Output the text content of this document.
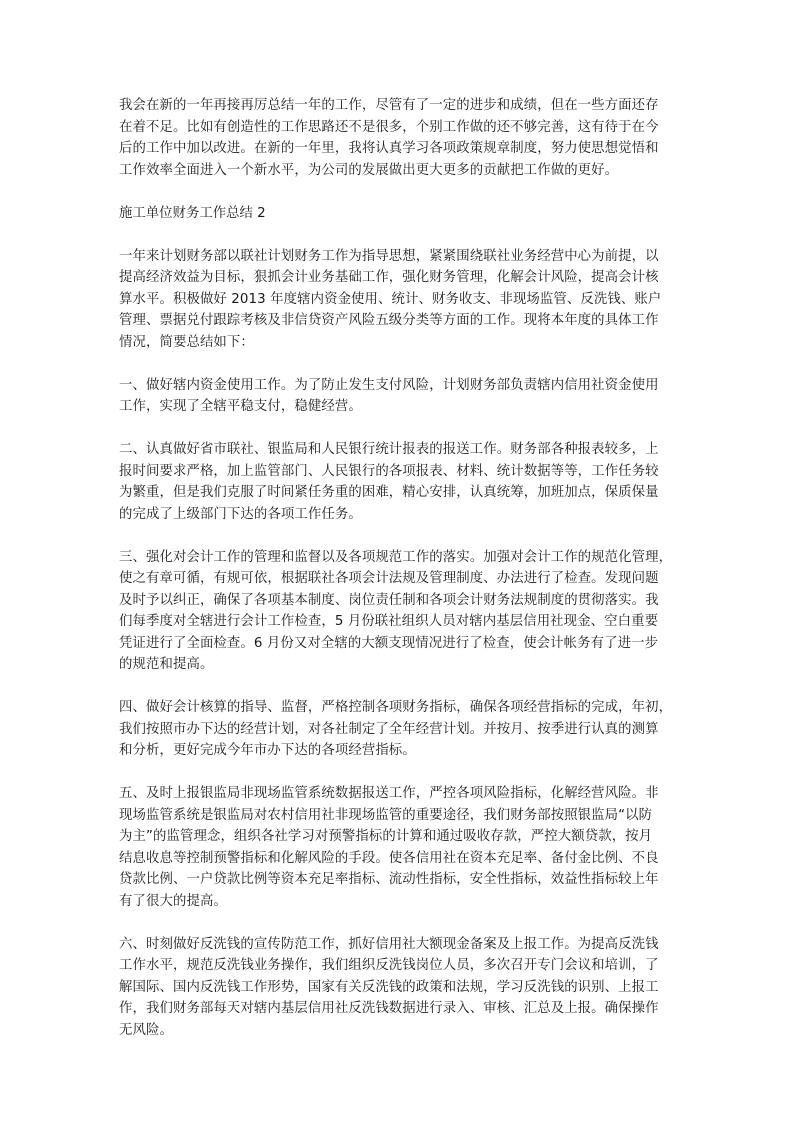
我会在新的一年再接再厉总结一年的工作，尽管有了一定的进步和成绩，但在一些方面还存
在着不足。比如有创造性的工作思路还不是很多，个别工作做的还不够完善，这有待于在今
后的工作中加以改进。在新的一年里，我将认真学习各项政策规章制度，努力使思想觉悟和
工作效率全面进入一个新水平，为公司的发展做出更大更多的贡献把工作做的更好。

施工单位财务工作总结 2

一年来计划财务部以联社计划财务工作为指导思想，紧紧围绕联社业务经营中心为前提，以
提高经济效益为目标，狠抓会计业务基础工作，强化财务管理，化解会计风险，提高会计核
算水平。积极做好 2013 年度辖内资金使用、统计、财务收支、非现场监管、反洗钱、账户
管理、票据兑付跟踪考核及非信贷资产风险五级分类等方面的工作。现将本年度的具体工作
情况，简要总结如下：

一、做好辖内资金使用工作。为了防止发生支付风险，计划财务部负责辖内信用社资金使用
工作，实现了全辖平稳支付，稳健经营。

二、认真做好省市联社、银监局和人民银行统计报表的报送工作。财务部各种报表较多，上
报时间要求严格，加上监管部门、人民银行的各项报表、材料、统计数据等等，工作任务较
为繁重，但是我们克服了时间紧任务重的困难，精心安排，认真统筹，加班加点，保质保量
的完成了上级部门下达的各项工作任务。

三、强化对会计工作的管理和监督以及各项规范工作的落实。加强对会计工作的规范化管理，
使之有章可循，有规可依，根据联社各项会计法规及管理制度、办法进行了检查。发现问题
及时予以纠正，确保了各项基本制度、岗位责任制和各项会计财务法规制度的贯彻落实。我
们每季度对全辖进行会计工作检查，5 月份联社组织人员对辖内基层信用社现金、空白重要
凭证进行了全面检查。6 月份又对全辖的大额支现情况进行了检查，使会计帐务有了进一步
的规范和提高。

四、做好会计核算的指导、监督，严格控制各项财务指标，确保各项经营指标的完成，年初，
我们按照市办下达的经营计划，对各社制定了全年经营计划。并按月、按季进行认真的测算
和分析，更好完成今年市办下达的各项经营指标。

五、及时上报银监局非现场监管系统数据报送工作，严控各项风险指标，化解经营风险。非
现场监管系统是银监局对农村信用社非现场监管的重要途径，我们财务部按照银监局“以防
为主”的监管理念，组织各社学习对预警指标的计算和通过吸收存款，严控大额贷款，按月
结息收息等控制预警指标和化解风险的手段。使各信用社在资本充足率、备付金比例、不良
贷款比例、一户贷款比例等资本充足率指标、流动性指标，安全性指标，效益性指标较上年
有了很大的提高。

六、时刻做好反洗钱的宣传防范工作，抓好信用社大额现金备案及上报工作。为提高反洗钱
工作水平，规范反洗钱业务操作，我们组织反洗钱岗位人员，多次召开专门会议和培训，了
解国际、国内反洗钱工作形势，国家有关反洗钱的政策和法规，学习反洗钱的识别、上报工
作，我们财务部每天对辖内基层信用社反洗钱数据进行录入、审核、汇总及上报。确保操作
无风险。
